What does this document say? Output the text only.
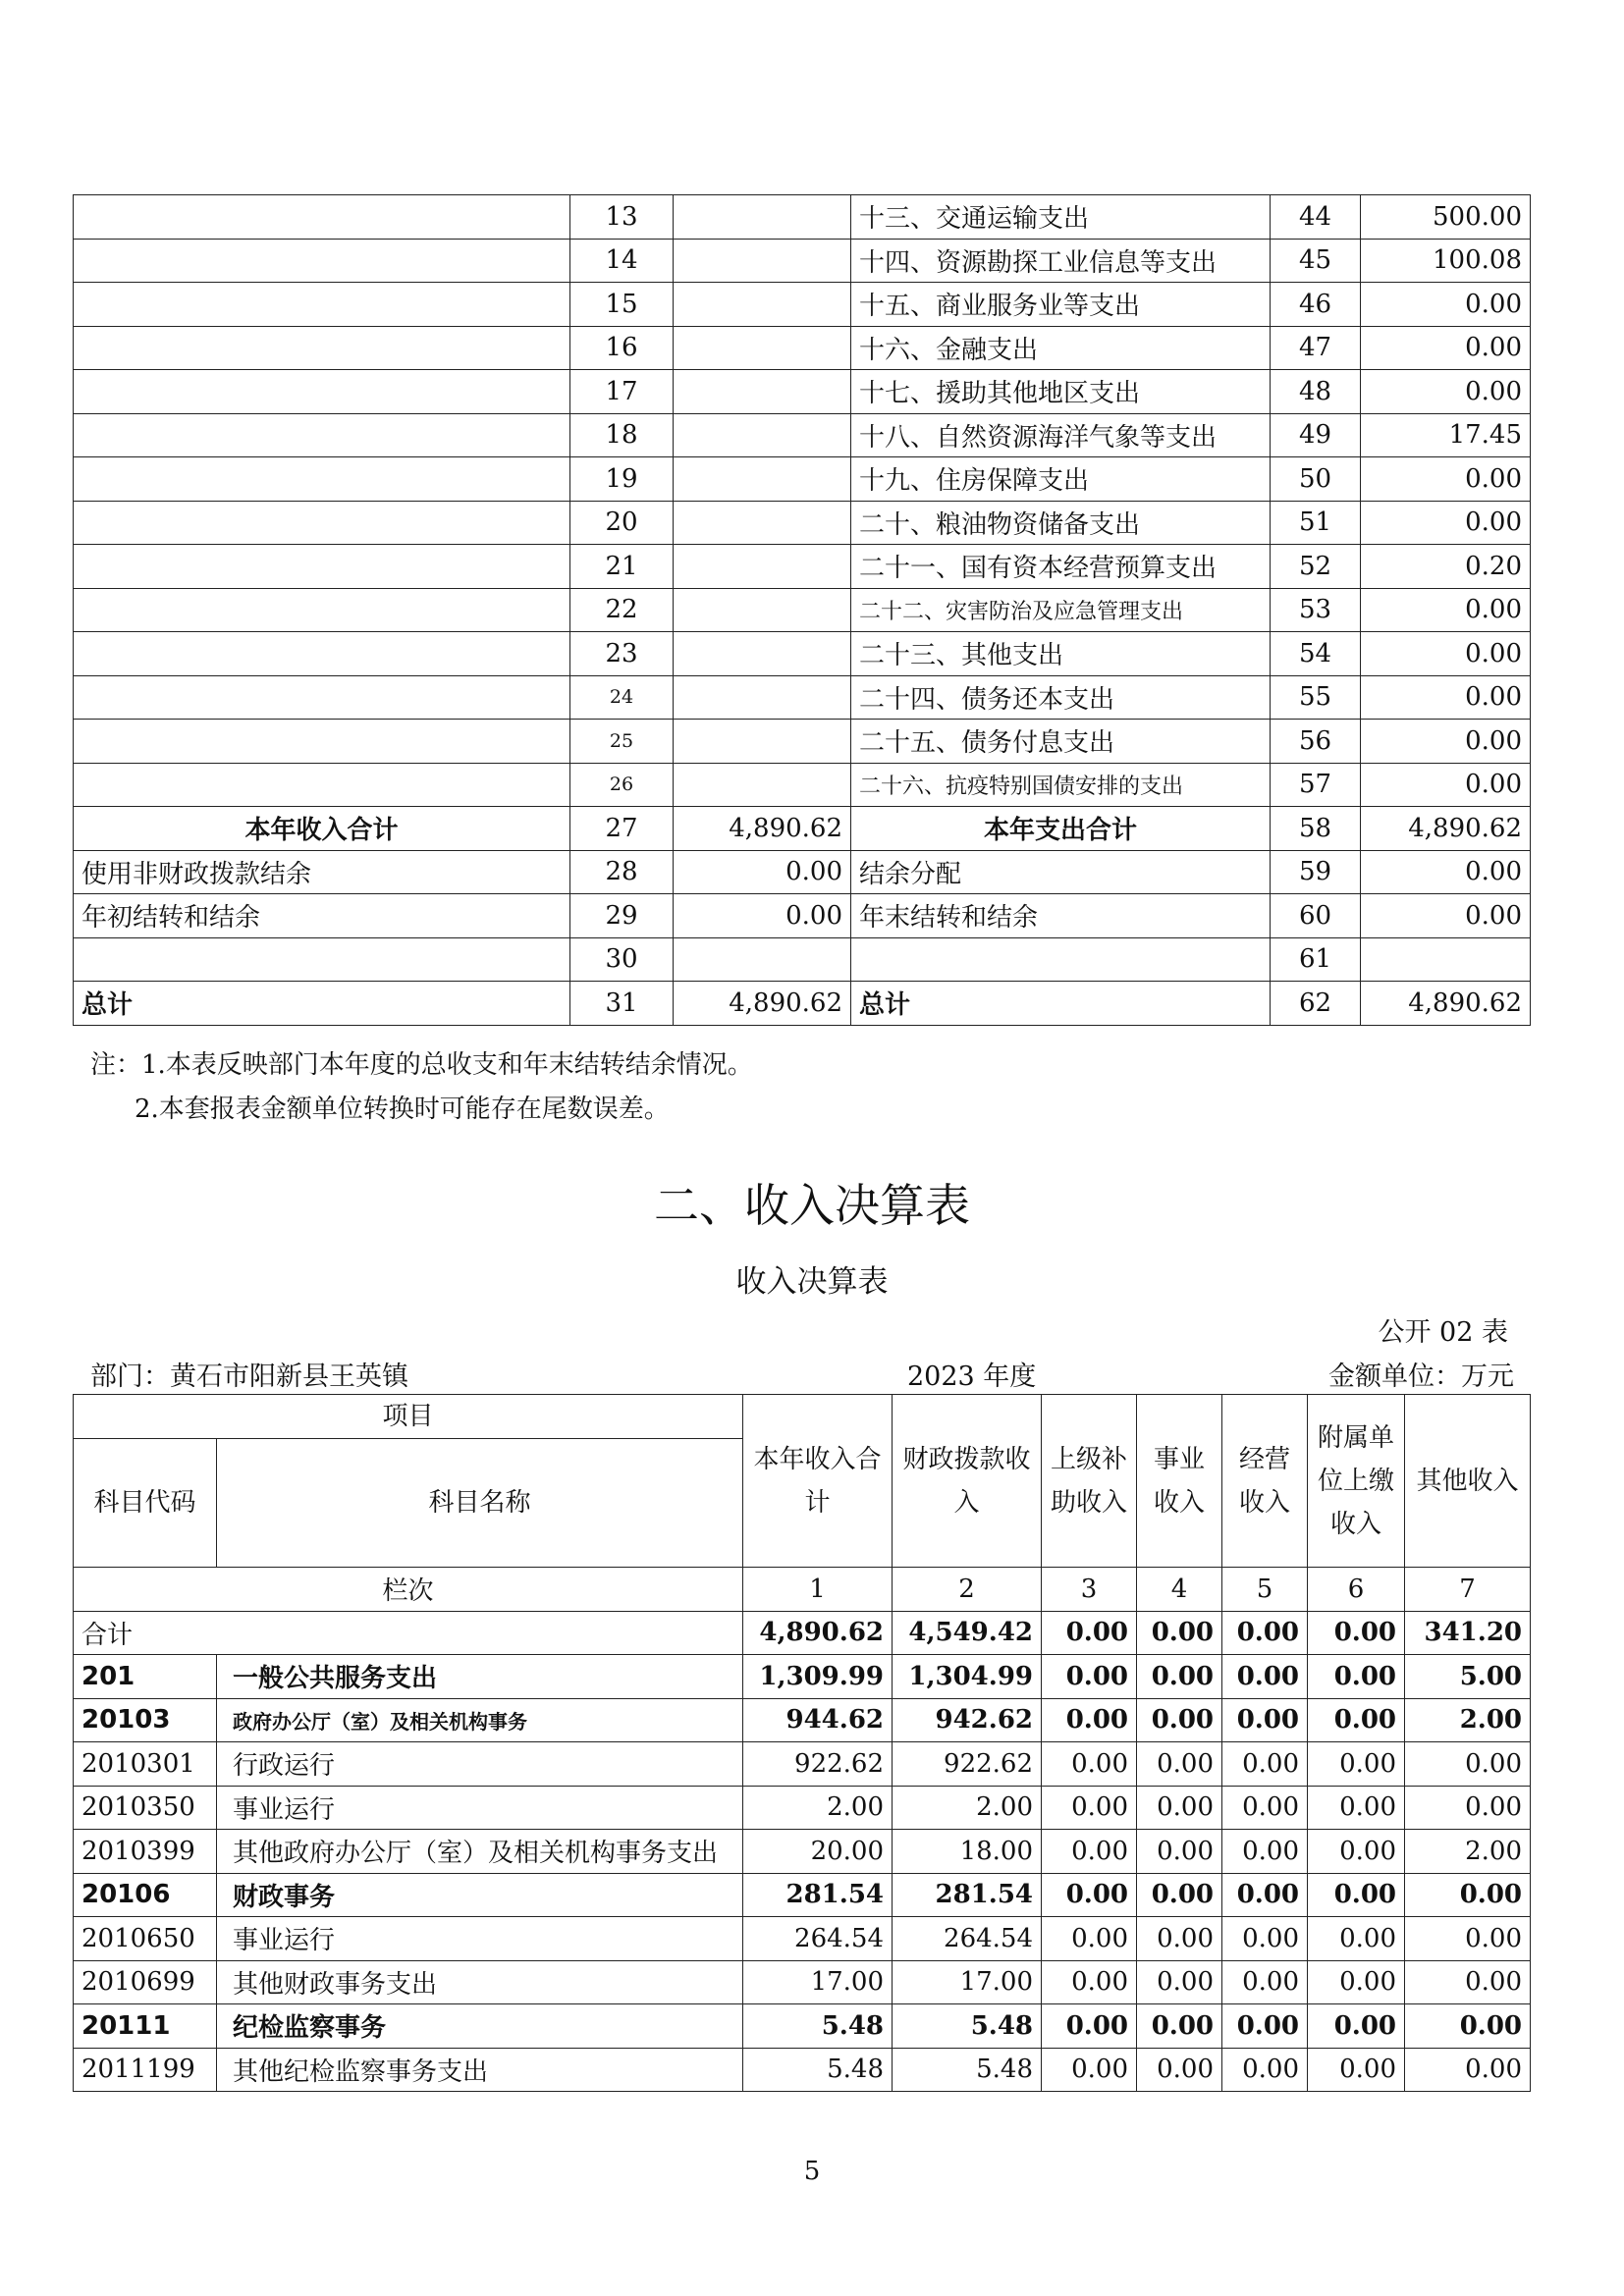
	13		十三、交通运输支出	44	500.00
	14		十四、资源勘探工业信息等支出	45	100.08
	15		十五、商业服务业等支出	46	0.00
	16		十六、金融支出	47	0.00
	17		十七、援助其他地区支出	48	0.00
	18		十八、自然资源海洋气象等支出	49	17.45
	19		十九、住房保障支出	50	0.00
	20		二十、粮油物资储备支出	51	0.00
	21		二十一、国有资本经营预算支出	52	0.20
	22		二十二、灾害防治及应急管理支出	53	0.00
	23		二十三、其他支出	54	0.00
	24		二十四、债务还本支出	55	0.00
	25		二十五、债务付息支出	56	0.00
	26		二十六、抗疫特别国债安排的支出	57	0.00
本年收入合计	27	4,890.62	本年支出合计	58	4,890.62
使用非财政拨款结余	28	0.00	结余分配	59	0.00
年初结转和结余	29	0.00	年末结转和结余	60	0.00
	30			61	
总计	31	4,890.62	总计	62	4,890.62
注：1.本表反映部门本年度的总收支和年末结转结余情况。
2.本套报表金额单位转换时可能存在尾数误差。
二、收入决算表
收入决算表
公开 02 表
部门：黄石市阳新县王英镇	2023 年度	金额单位：万元
项目		本年收入合计	财政拨款收入	上级补助收入	事业收入	经营收入	附属单位上缴收入	其他收入
科目代码	科目名称							
栏次		1	2	3	4	5	6	7
合计		4,890.62	4,549.42	0.00	0.00	0.00	0.00	341.20
201	一般公共服务支出	1,309.99	1,304.99	0.00	0.00	0.00	0.00	5.00
20103	政府办公厅（室）及相关机构事务	944.62	942.62	0.00	0.00	0.00	0.00	2.00
2010301	行政运行	922.62	922.62	0.00	0.00	0.00	0.00	0.00
2010350	事业运行	2.00	2.00	0.00	0.00	0.00	0.00	0.00
2010399	其他政府办公厅（室）及相关机构事务支出	20.00	18.00	0.00	0.00	0.00	0.00	2.00
20106	财政事务	281.54	281.54	0.00	0.00	0.00	0.00	0.00
2010650	事业运行	264.54	264.54	0.00	0.00	0.00	0.00	0.00
2010699	其他财政事务支出	17.00	17.00	0.00	0.00	0.00	0.00	0.00
20111	纪检监察事务	5.48	5.48	0.00	0.00	0.00	0.00	0.00
2011199	其他纪检监察事务支出	5.48	5.48	0.00	0.00	0.00	0.00	0.00
5
